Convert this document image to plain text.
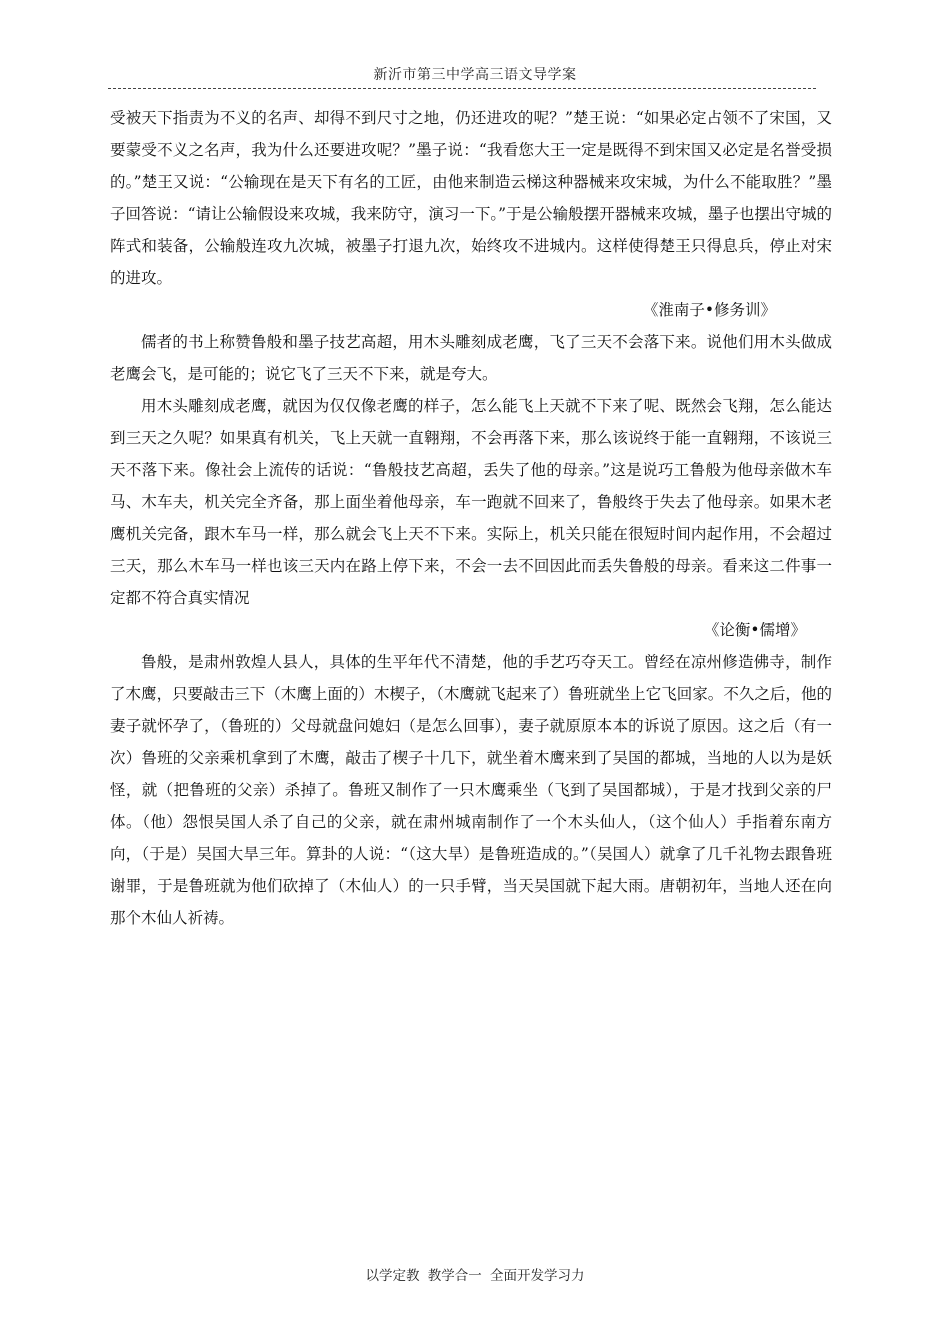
新沂市第三中学高三语文导学案

受被天下指责为不义的名声、却得不到尺寸之地，仍还进攻的呢？”楚王说：“如果必定占领不了宋国，又要蒙受不义之名声，我为什么还要进攻呢？”墨子说：“我看您大王一定是既得不到宋国又必定是名誉受损的。”楚王又说：“公输现在是天下有名的工匠，由他来制造云梯这种器械来攻宋城，为什么不能取胜？”墨子回答说：“请让公输假设来攻城，我来防守，演习一下。”于是公输般摆开器械来攻城，墨子也摆出守城的阵式和装备，公输般连攻九次城，被墨子打退九次，始终攻不进城内。这样使得楚王只得息兵，停止对宋的进攻。

《淮南子•修务训》

儒者的书上称赞鲁般和墨子技艺高超，用木头雕刻成老鹰，飞了三天不会落下来。说他们用木头做成老鹰会飞，是可能的；说它飞了三天不下来，就是夸大。

用木头雕刻成老鹰，就因为仅仅像老鹰的样子，怎么能飞上天就不下来了呢、既然会飞翔，怎么能达到三天之久呢？如果真有机关，飞上天就一直翱翔，不会再落下来，那么该说终于能一直翱翔，不该说三天不落下来。像社会上流传的话说：“鲁般技艺高超，丢失了他的母亲。”这是说巧工鲁般为他母亲做木车马、木车夫，机关完全齐备，那上面坐着他母亲，车一跑就不回来了，鲁般终于失去了他母亲。如果木老鹰机关完备，跟木车马一样，那么就会飞上天不下来。实际上，机关只能在很短时间内起作用，不会超过三天，那么木车马一样也该三天内在路上停下来，不会一去不回因此而丢失鲁般的母亲。看来这二件事一定都不符合真实情况

《论衡•儒增》

鲁般，是肃州敦煌人县人，具体的生平年代不清楚，他的手艺巧夺天工。曾经在凉州修造佛寺，制作了木鹰，只要敲击三下（木鹰上面的）木楔子，（木鹰就飞起来了）鲁班就坐上它飞回家。不久之后，他的妻子就怀孕了，（鲁班的）父母就盘问媳妇（是怎么回事），妻子就原原本本的诉说了原因。这之后（有一次）鲁班的父亲乘机拿到了木鹰，敲击了楔子十几下，就坐着木鹰来到了吴国的都城，当地的人以为是妖怪，就（把鲁班的父亲）杀掉了。鲁班又制作了一只木鹰乘坐（飞到了吴国都城），于是才找到父亲的尸体。（他）怨恨吴国人杀了自己的父亲，就在肃州城南制作了一个木头仙人，（这个仙人）手指着东南方向，（于是）吴国大旱三年。算卦的人说：“（这大旱）是鲁班造成的。”（吴国人）就拿了几千礼物去跟鲁班谢罪，于是鲁班就为他们砍掉了（木仙人）的一只手臂，当天吴国就下起大雨。唐朝初年，当地人还在向那个木仙人祈祷。

以学定教 教学合一 全面开发学习力
